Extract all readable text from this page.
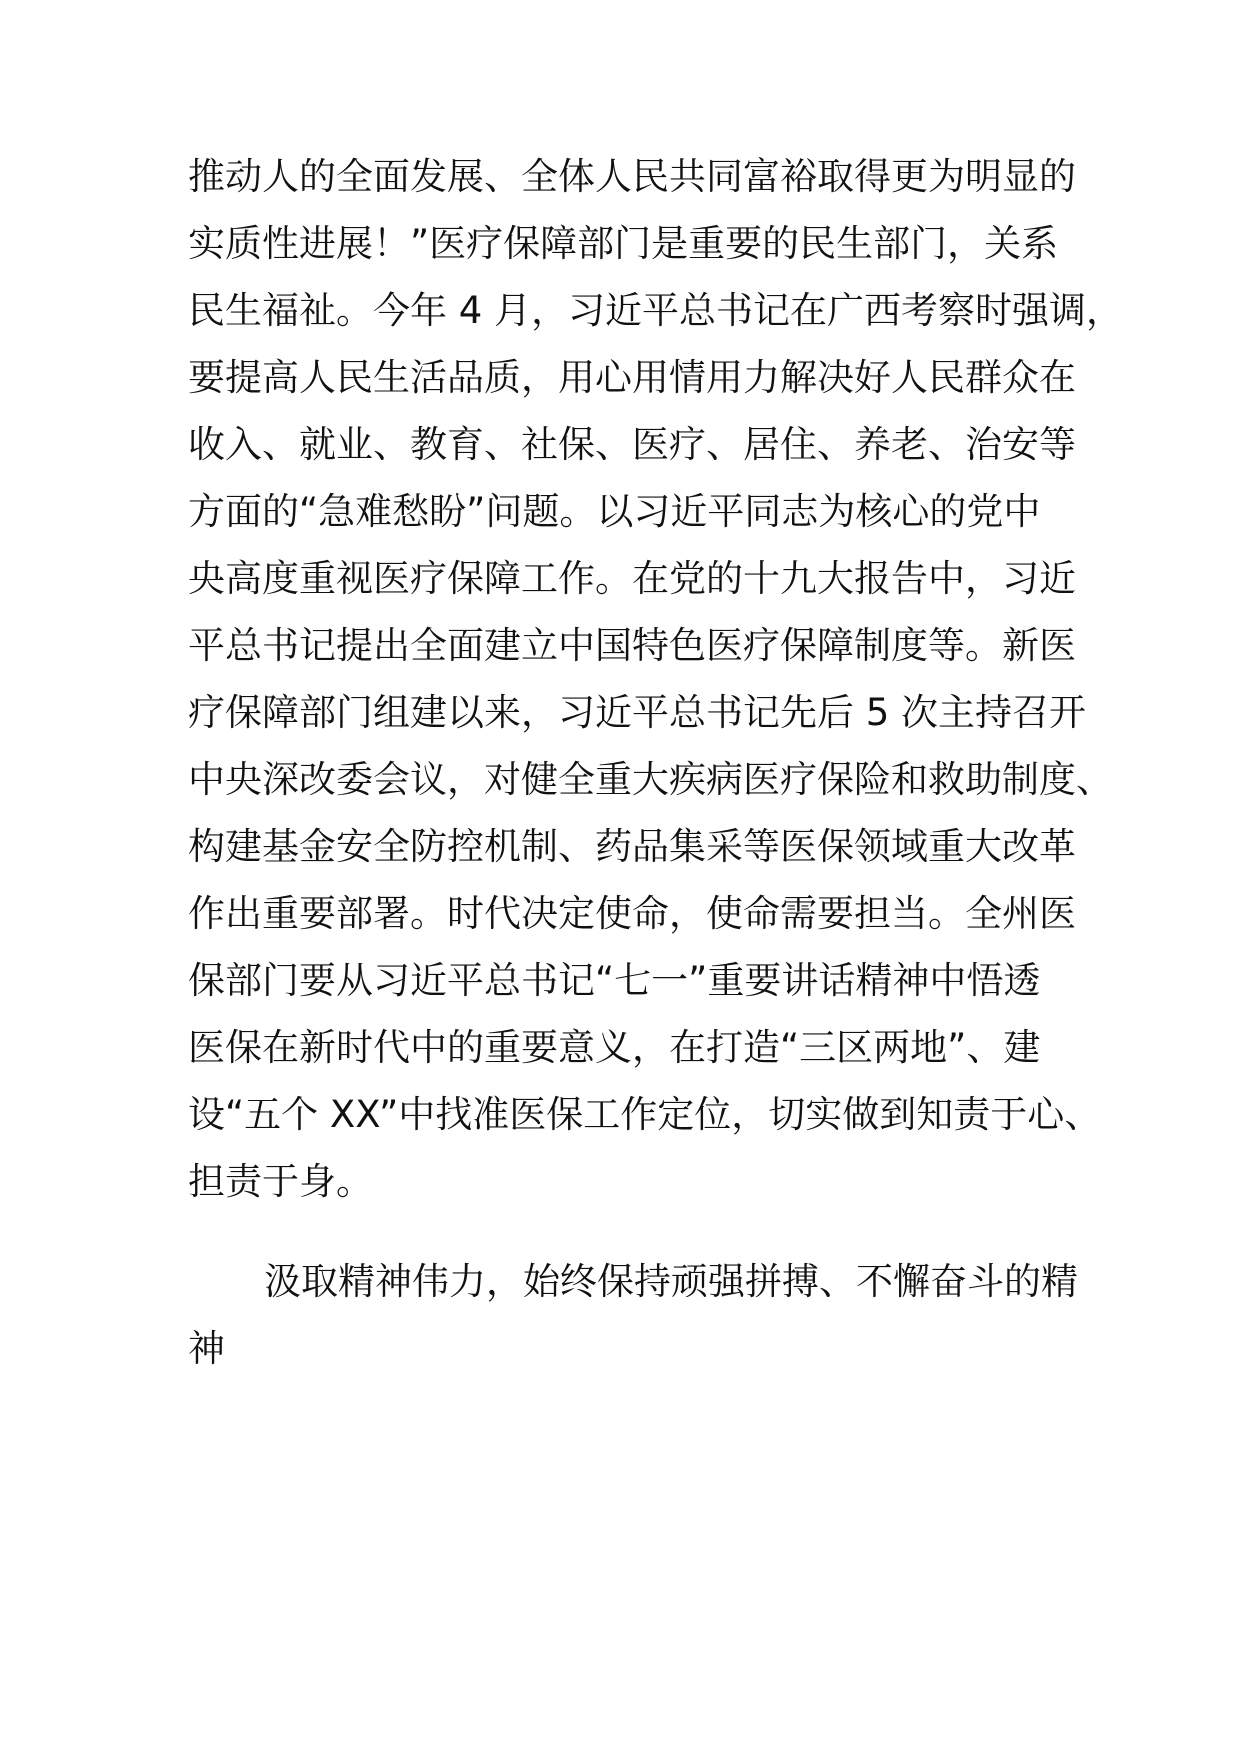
推动人的全面发展、全体人民共同富裕取得更为明显的
实质性进展！”医疗保障部门是重要的民生部门，关系
民生福祉。今年 4 月，习近平总书记在广西考察时强调，
要提高人民生活品质，用心用情用力解决好人民群众在
收入、就业、教育、社保、医疗、居住、养老、治安等
方面的“急难愁盼”问题。以习近平同志为核心的党中
央高度重视医疗保障工作。在党的十九大报告中，习近
平总书记提出全面建立中国特色医疗保障制度等。新医
疗保障部门组建以来，习近平总书记先后 5 次主持召开
中央深改委会议，对健全重大疾病医疗保险和救助制度、
构建基金安全防控机制、药品集采等医保领域重大改革
作出重要部署。时代决定使命，使命需要担当。全州医
保部门要从习近平总书记“七一”重要讲话精神中悟透
医保在新时代中的重要意义，在打造“三区两地”、建
设“五个 XX”中找准医保工作定位，切实做到知责于心、
担责于身。
汲取精神伟力，始终保持顽强拼搏、不懈奋斗的精
神
